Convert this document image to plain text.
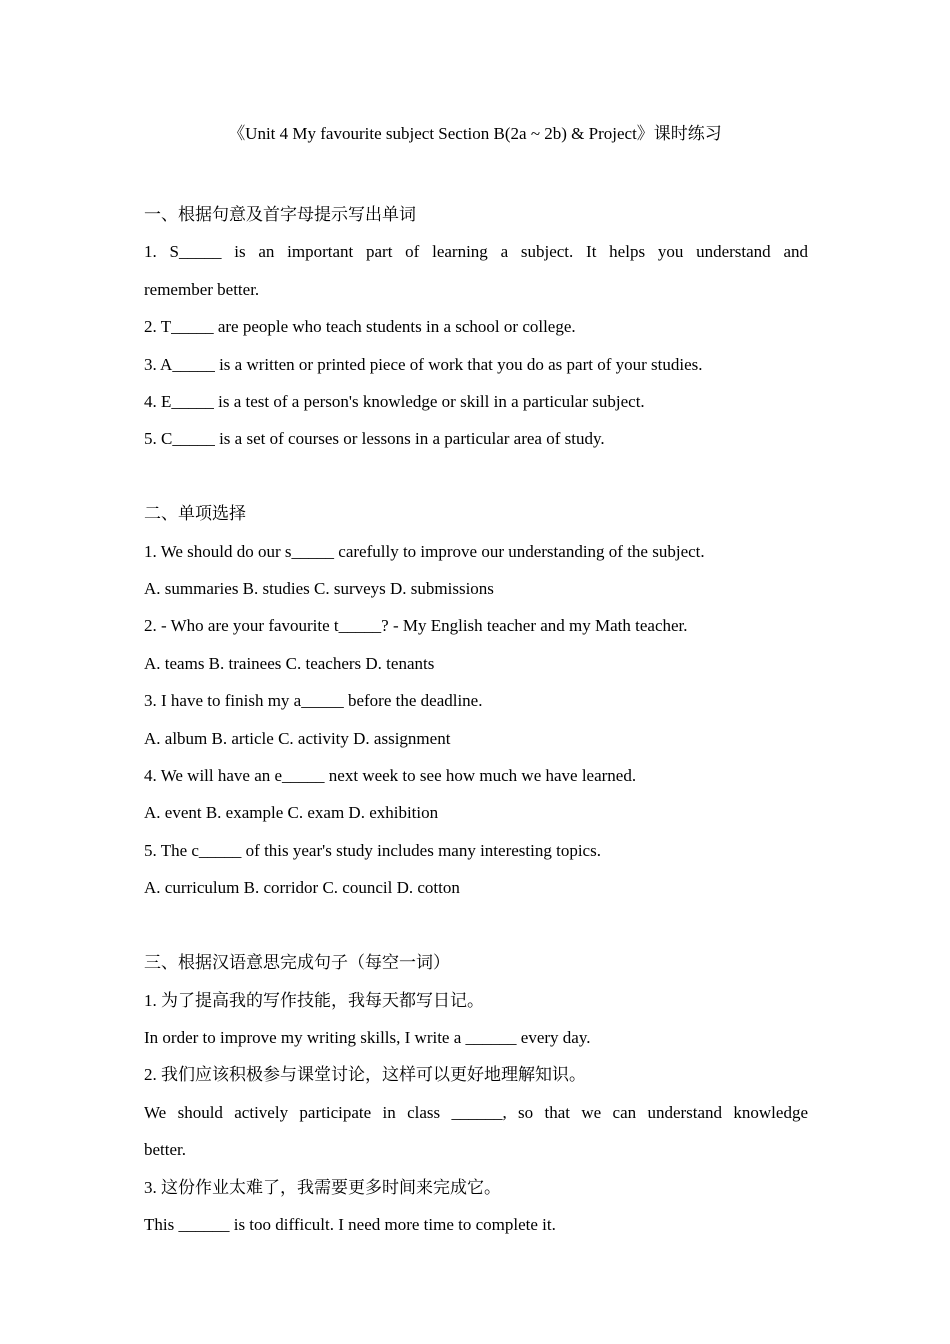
《Unit 4 My favourite subject Section B(2a ~ 2b) & Project》课时练习

一、根据句意及首字母提示写出单词

1. S_____ is an important part of learning a subject. It helps you understand and

remember better.

2. T_____ are people who teach students in a school or college.

3. A_____ is a written or printed piece of work that you do as part of your studies.

4. E_____ is a test of a person's knowledge or skill in a particular subject.

5. C_____ is a set of courses or lessons in a particular area of study.

二、单项选择

1. We should do our s_____ carefully to improve our understanding of the subject.

A. summaries B. studies C. surveys D. submissions

2. - Who are your favourite t_____? - My English teacher and my Math teacher.

A. teams B. trainees C. teachers D. tenants

3. I have to finish my a_____ before the deadline.

A. album B. article C. activity D. assignment

4. We will have an e_____ next week to see how much we have learned.

A. event B. example C. exam D. exhibition

5. The c_____ of this year's study includes many interesting topics.

A. curriculum B. corridor C. council D. cotton

三、根据汉语意思完成句子（每空一词）

1. 为了提高我的写作技能，我每天都写日记。

In order to improve my writing skills, I write a ______ every day.

2. 我们应该积极参与课堂讨论，这样可以更好地理解知识。

We should actively participate in class ______, so that we can understand knowledge

better.

3. 这份作业太难了，我需要更多时间来完成它。

This ______ is too difficult. I need more time to complete it.
